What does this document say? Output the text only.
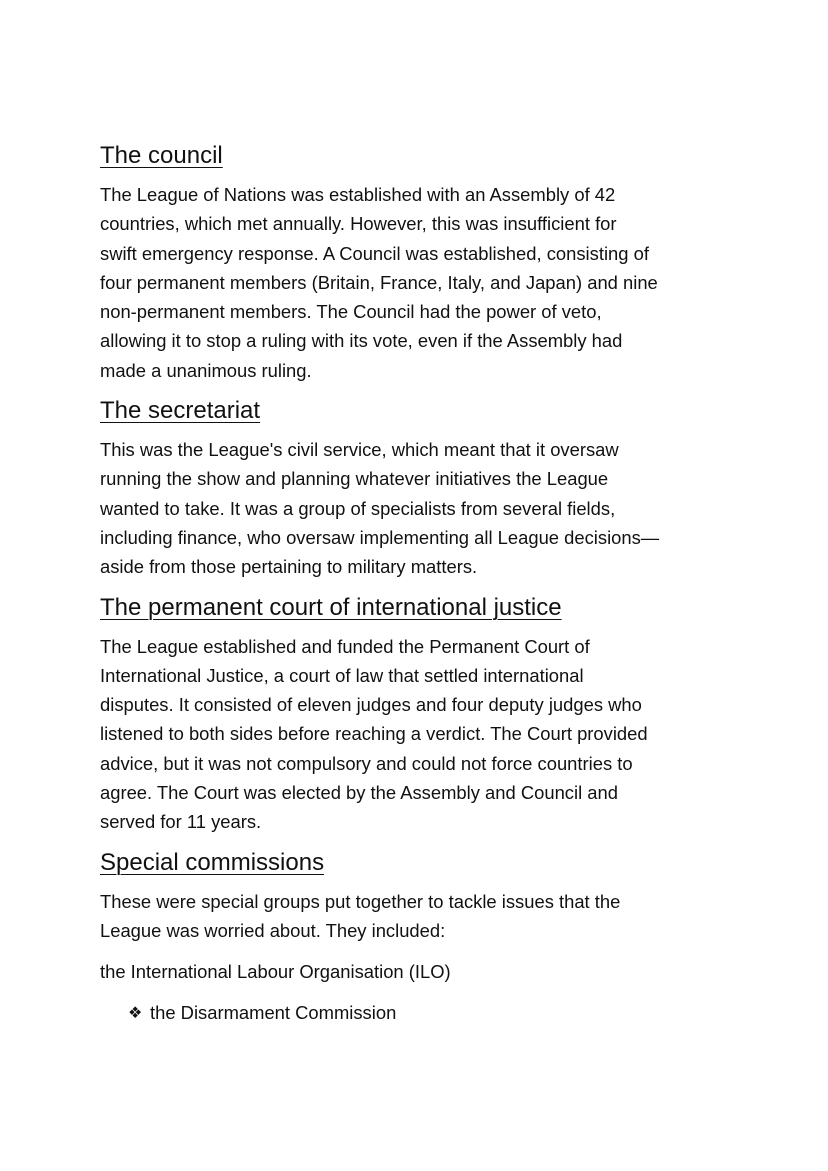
The council

The League of Nations was established with an Assembly of 42
countries, which met annually. However, this was insufficient for
swift emergency response. A Council was established, consisting of
four permanent members (Britain, France, Italy, and Japan) and nine
non-permanent members. The Council had the power of veto,
allowing it to stop a ruling with its vote, even if the Assembly had
made a unanimous ruling.

The secretariat

This was the League's civil service, which meant that it oversaw
running the show and planning whatever initiatives the League
wanted to take. It was a group of specialists from several fields,
including finance, who oversaw implementing all League decisions—
aside from those pertaining to military matters.

The permanent court of international justice

The League established and funded the Permanent Court of
International Justice, a court of law that settled international
disputes. It consisted of eleven judges and four deputy judges who
listened to both sides before reaching a verdict. The Court provided
advice, but it was not compulsory and could not force countries to
agree. The Court was elected by the Assembly and Council and
served for 11 years.

Special commissions

These were special groups put together to tackle issues that the
League was worried about. They included:

the International Labour Organisation (ILO)

❖ the Disarmament Commission
